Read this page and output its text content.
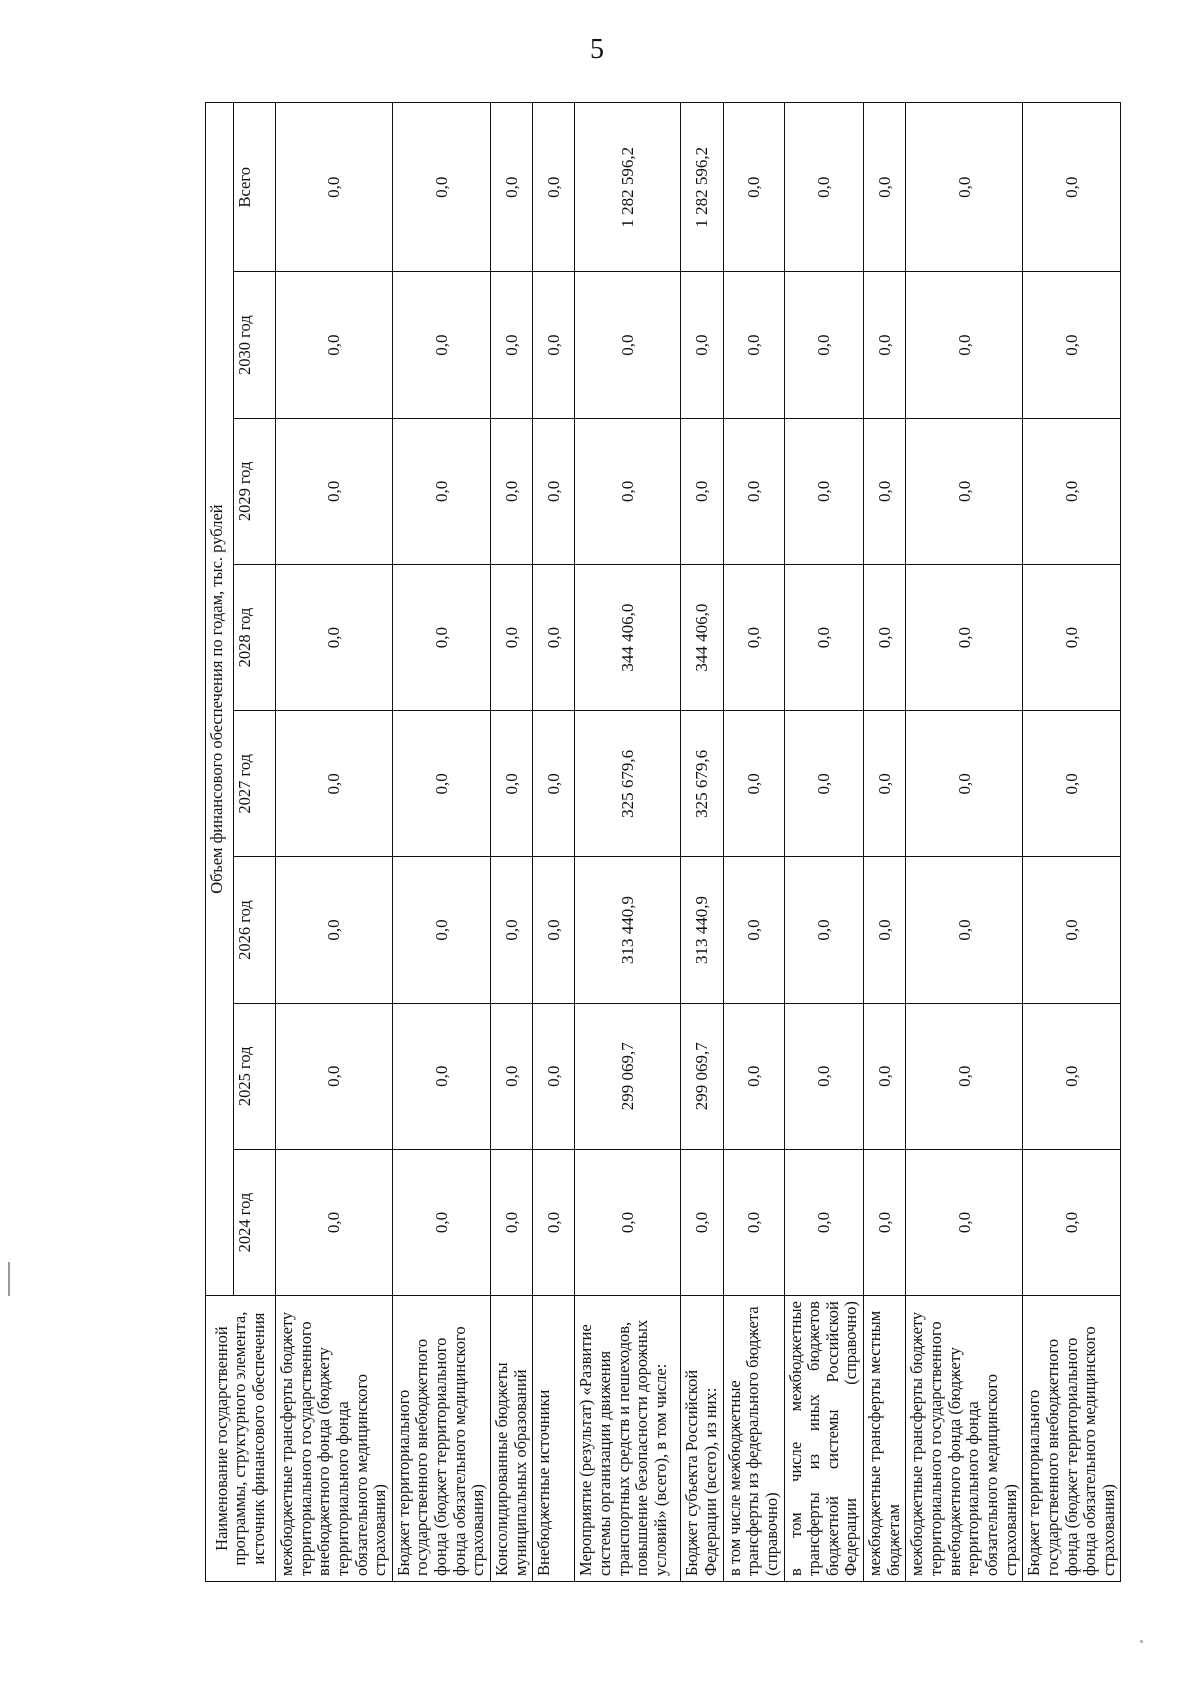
5
Наименование государственной программы, структурного элемента, источник финансового обеспечения	Объем финансового обеспечения по годам, тыс. рублей							
	2024 год	2025 год	2026 год	2027 год	2028 год	2029 год	2030 год	Всего
межбюджетные трансферты бюджету территориального государственного внебюджетного фонда (бюджету территориального фонда обязательного медицинского страхования)	0,0	0,0	0,0	0,0	0,0	0,0	0,0	0,0
Бюджет территориального государственного внебюджетного фонда (бюджет территориального фонда обязательного медицинского страхования)	0,0	0,0	0,0	0,0	0,0	0,0	0,0	0,0
Консолидированные бюджеты муниципальных образований	0,0	0,0	0,0	0,0	0,0	0,0	0,0	0,0
Внебюджетные источники	0,0	0,0	0,0	0,0	0,0	0,0	0,0	0,0
Мероприятие (результат) «Развитие системы организации движения транспортных средств и пешеходов, повышение безопасности дорожных условий» (всего), в том числе:	0,0	299 069,7	313 440,9	325 679,6	344 406,0	0,0	0,0	1 282 596,2
Бюджет субъекта Российской Федерации (всего), из них:	0,0	299 069,7	313 440,9	325 679,6	344 406,0	0,0	0,0	1 282 596,2
в том числе межбюджетные трансферты из федерального бюджета (справочно)	0,0	0,0	0,0	0,0	0,0	0,0	0,0	0,0
в том числе межбюджетные трансферты из иных бюджетов бюджетной системы Российской Федерации (справочно)	0,0	0,0	0,0	0,0	0,0	0,0	0,0	0,0
межбюджетные трансферты местным бюджетам	0,0	0,0	0,0	0,0	0,0	0,0	0,0	0,0
межбюджетные трансферты бюджету территориального государственного внебюджетного фонда (бюджету территориального фонда обязательного медицинского страхования)	0,0	0,0	0,0	0,0	0,0	0,0	0,0	0,0
Бюджет территориального государственного внебюджетного фонда (бюджет территориального фонда обязательного медицинского страхования)	0,0	0,0	0,0	0,0	0,0	0,0	0,0	0,0
